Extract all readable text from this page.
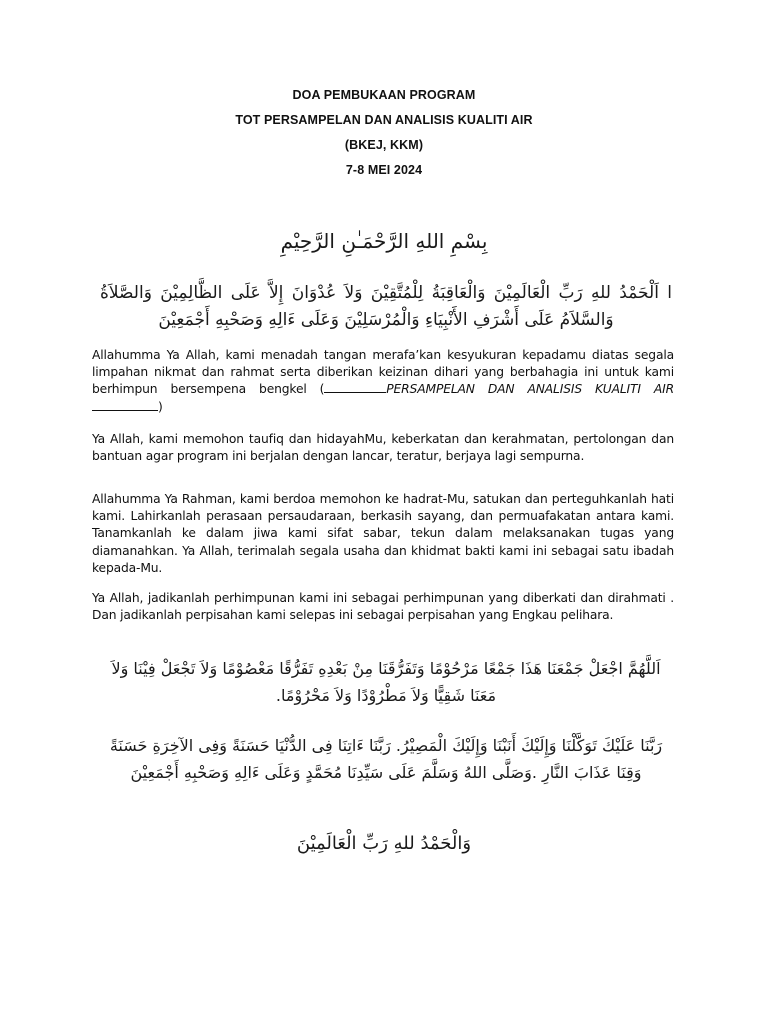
DOA PEMBUKAAN PROGRAM
TOT PERSAMPELAN DAN ANALISIS KUALITI AIR
(BKEJ, KKM)
7-8 MEI 2024
بِسْمِ اللهِ الرَّحْمَـٰنِ الرَّحِيْمِ
ا اَلْحَمْدُ للهِ رَبِّ الْعَالَمِيْنَ وَالْعَاقِبَةُ لِلْمُتَّقِيْنَ وَلاَ عُدْوَانَ إِلاَّ عَلَى الظَّالِمِيْنَ وَالصَّلاَةُ وَالسَّلاَمُ عَلَى أَشْرَفِ الأَنْبِيَاءِ وَالْمُرْسَلِيْنَ وَعَلَى ءَالِهِ وَصَحْبِهِ أَجْمَعِيْنَ
Allahumma Ya Allah, kami menadah tangan merafa’kan kesyukuran kepadamu diatas segala limpahan nikmat dan rahmat serta diberikan keizinan dihari yang berbahagia ini untuk kami berhimpun bersempena bengkel (	PERSAMPELAN DAN ANALISIS KUALITI AIR )
Ya Allah, kami memohon taufiq dan hidayahMu, keberkatan dan kerahmatan, pertolongan dan bantuan agar program ini berjalan dengan lancar, teratur, berjaya lagi sempurna.
Allahumma Ya Rahman, kami berdoa memohon ke hadrat-Mu, satukan dan perteguhkanlah hati kami. Lahirkanlah perasaan persaudaraan, berkasih sayang, dan permuafakatan antara kami. Tanamkanlah ke dalam jiwa kami sifat sabar, tekun dalam melaksanakan tugas yang diamanahkan. Ya Allah, terimalah segala usaha dan khidmat bakti kami ini sebagai satu ibadah kepada-Mu.
Ya Allah, jadikanlah perhimpunan kami ini sebagai perhimpunan yang diberkati dan dirahmati . Dan jadikanlah perpisahan kami selepas ini sebagai perpisahan yang Engkau pelihara.
اَللَّهُمَّ اجْعَلْ جَمْعَنَا هَذَا جَمْعًا مَرْحُوْمًا وَتَفَرُّقَنَا مِنْ بَعْدِهِ تَفَرُّقًا مَعْصُوْمًا وَلاَ تَجْعَلْ فِيْنَا وَلاَ مَعَنَا شَقِيًّا وَلاَ مَطْرُوْدًا وَلاَ مَحْرُوْمًا.
رَبَّنَا عَلَيْكَ تَوَكَّلْنَا وَإِلَيْكَ أَنَبْنَا وَإِلَيْكَ الْمَصِيْرُ. رَبَّنَا ءَاتِنَا فِى الدُّنْيَا حَسَنَةً وَفِى الآخِرَةِ حَسَنَةً وَقِنَا عَذَابَ النَّارِ .وَصَلَّى اللهُ وَسَلَّمَ عَلَى سَيِّدِنَا مُحَمَّدٍ وَعَلَى ءَالِهِ وَصَحْبِهِ أَجْمَعِيْنَ
وَالْحَمْدُ للهِ رَبِّ الْعَالَمِيْنَ
